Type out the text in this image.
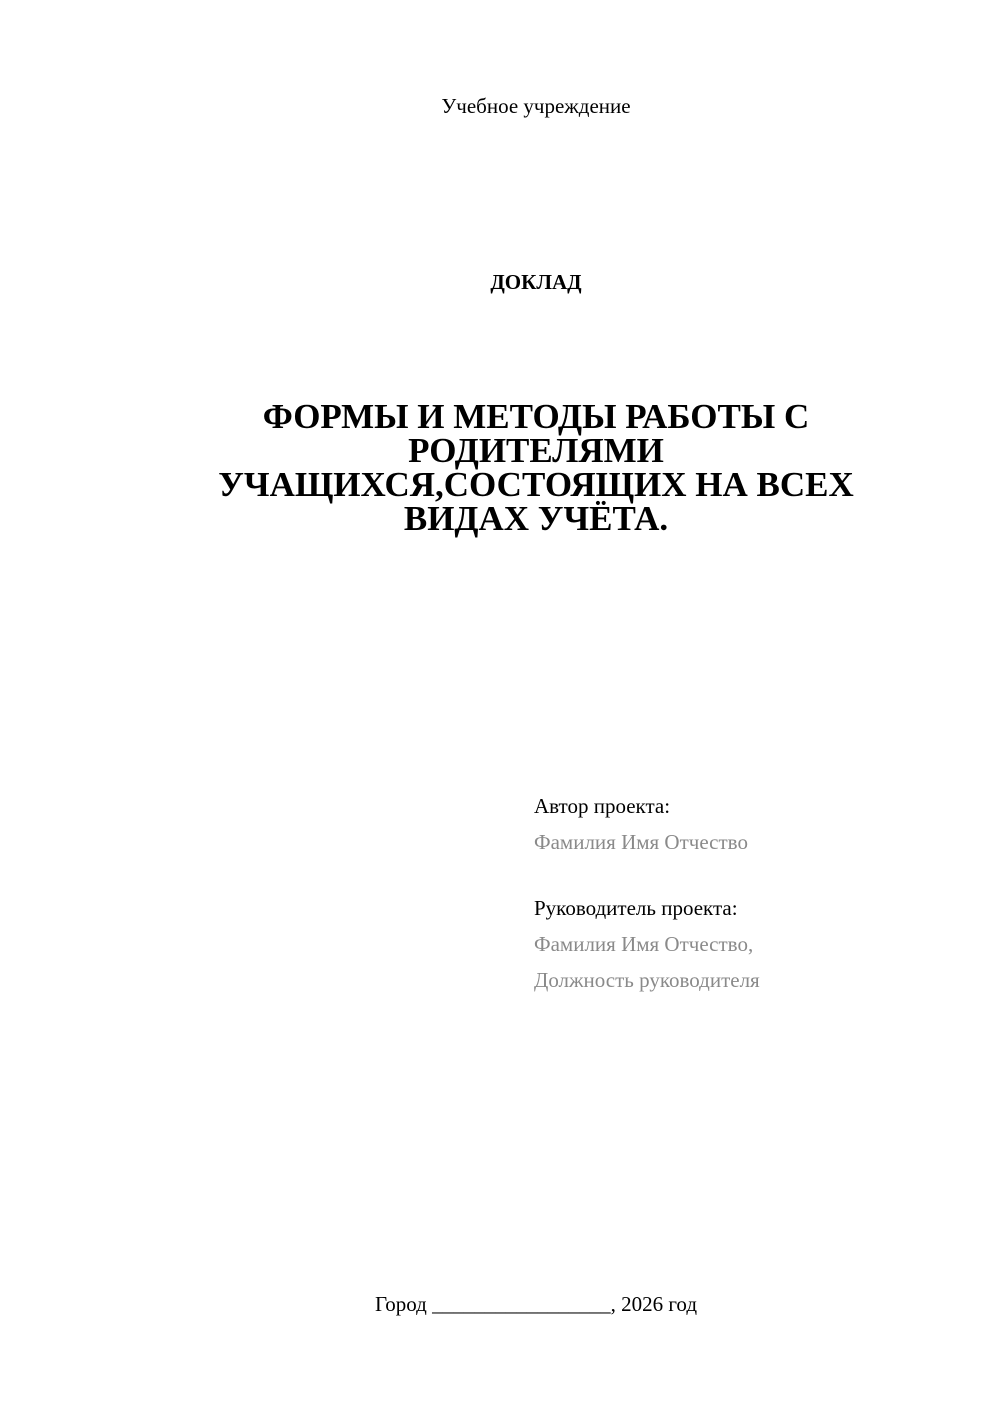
Учебное учреждение
ДОКЛАД
ФОРМЫ И МЕТОДЫ РАБОТЫ С
РОДИТЕЛЯМИ
УЧАЩИХСЯ,СОСТОЯЩИХ НА ВСЕХ
ВИДАХ УЧЁТА.
Автор проекта:
Фамилия Имя Отчество
Руководитель проекта:
Фамилия Имя Отчество,
Должность руководителя
Город _________________, 2026 год
